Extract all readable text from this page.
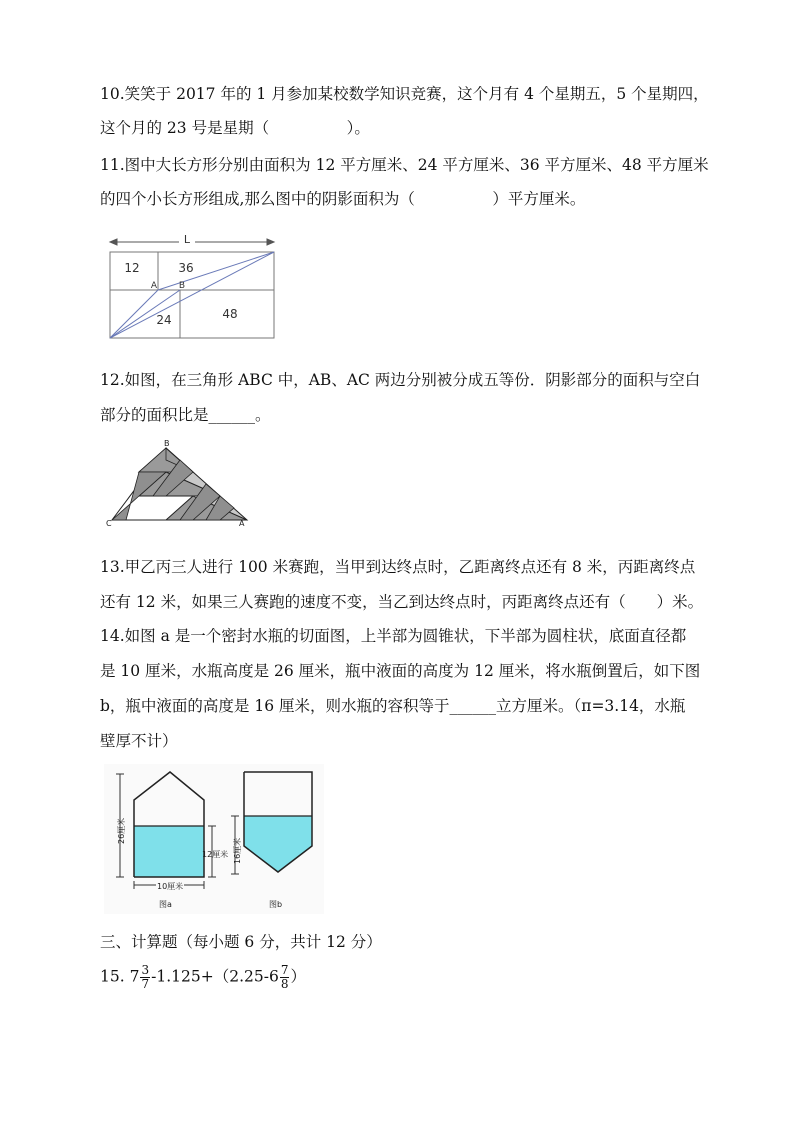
10.笑笑于 2017 年的 1 月参加某校数学知识竞赛，这个月有 4 个星期五，5 个星期四，
这个月的 23 号是星期（　　　　　）。
11.图中大长方形分别由面积为 12 平方厘米、24 平方厘米、36 平方厘米、48 平方厘米
的四个小长方形组成,那么图中的阴影面积为（　　　　　）平方厘米。
L
12	36
24	48
A B
12.如图，在三角形 ABC 中，AB、AC 两边分别被分成五等份．阴影部分的面积与空白
部分的面积比是______。
B
C	A
13.甲乙丙三人进行 100 米赛跑，当甲到达终点时，乙距离终点还有 8 米，丙距离终点
还有 12 米，如果三人赛跑的速度不变，当乙到达终点时，丙距离终点还有（　　）米。
14.如图 a 是一个密封水瓶的切面图，上半部为圆锥状，下半部为圆柱状，底面直径都
是 10 厘米，水瓶高度是 26 厘米，瓶中液面的高度为 12 厘米，将水瓶倒置后，如下图
b，瓶中液面的高度是 16 厘米，则水瓶的容积等于______立方厘米。（π=3.14，水瓶
壁厚不计）
26厘米
12厘米
10厘米
图a
16厘米
图b
三、计算题（每小题 6 分，共计 12 分）
15. $7 \frac{3}{7} -1.125+(2.25-6 \frac{7}{8}$ ）
